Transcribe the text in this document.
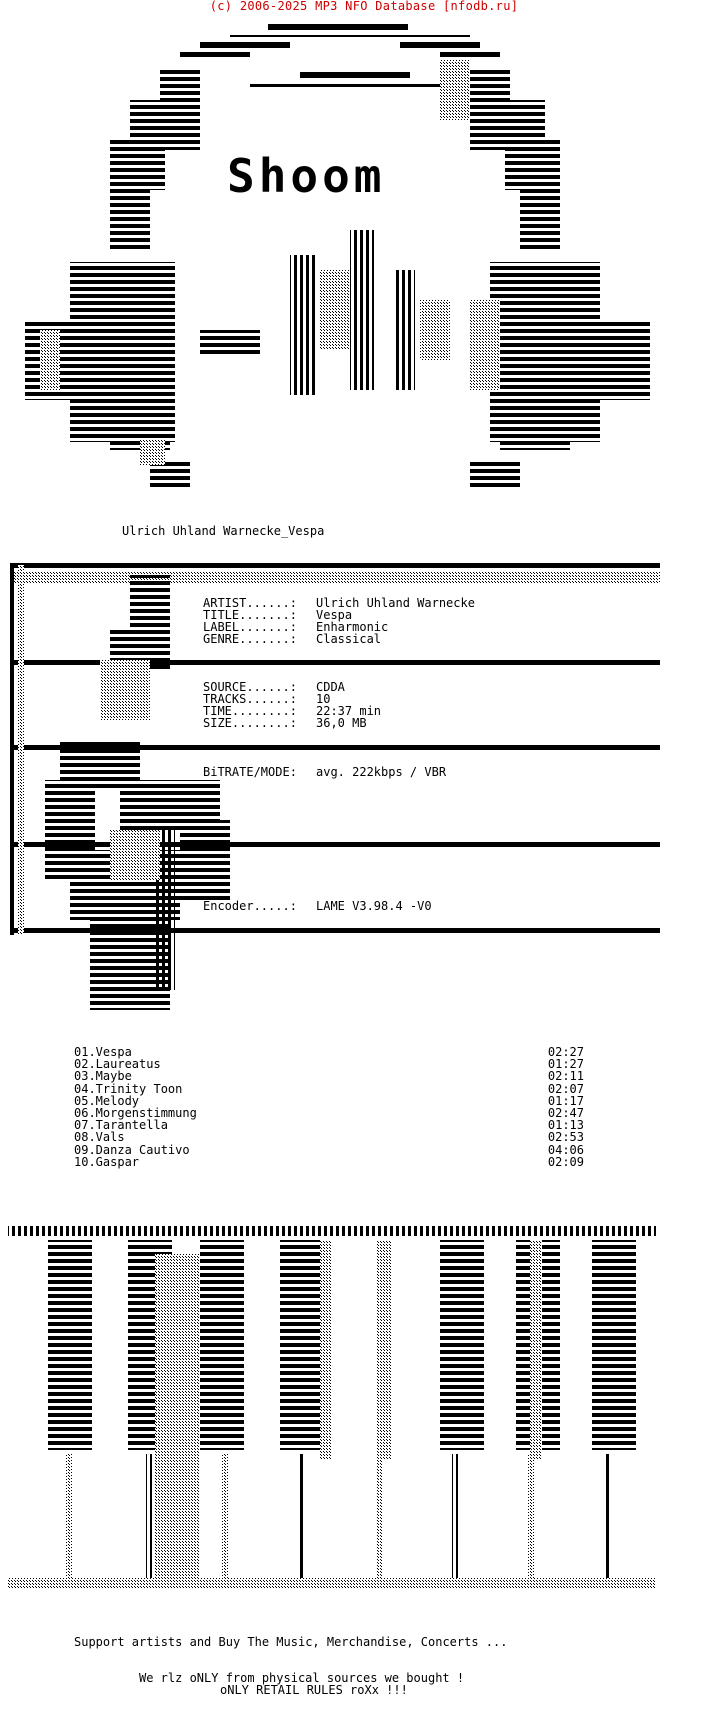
(c) 2006-2025 MP3 NFO Database [nfodb.ru]
Shoom
Ulrich Uhland Warnecke_Vespa
ARTIST......: Ulrich Uhland Warnecke
TITLE.......: Vespa
LABEL.......: Enharmonic
GENRE.......: Classical
SOURCE......: CDDA
TRACKS......: 10
TIME........: 22:37 min
SIZE........: 36,0 MB
BiTRATE/MODE: avg. 222kbps / VBR
Encoder.....: LAME V3.98.4 -V0
01.Vespa	02:27
02.Laureatus	01:27
03.Maybe	02:11
04.Trinity Toon	02:07
05.Melody	01:17
06.Morgenstimmung	02:47
07.Tarantella	01:13
08.Vals	02:53
09.Danza Cautivo	04:06
10.Gaspar	02:09
Support artists and Buy The Music, Merchandise, Concerts ...
We rlz oNLY from physical sources we bought !
oNLY RETAIL RULES roXx !!!
